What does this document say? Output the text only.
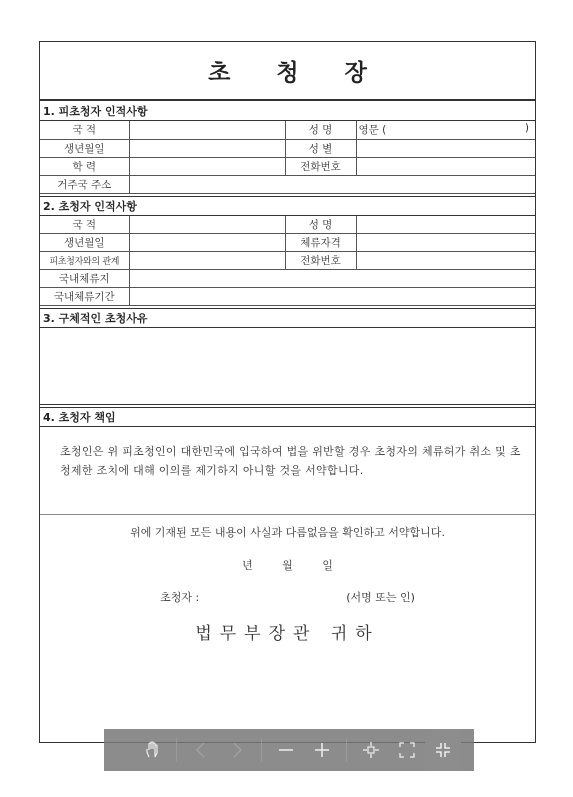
초 청 장
1. 피초청자 인적사항
국 적		성 명	영문 ( )

생년월일		성 별	
학 력		전화번호	
거주국 주소			
2. 초청자 인적사항
국 적		성 명	
생년월일		체류자격	
피초청자와의 관계		전화번호	
국내체류지			
국내체류기간			
3. 구체적인 초청사유
4. 초청자 책임
초청인은 위 피초청인이 대한민국에 입국하여 법을 위반할 경우 초청자의 체류허가 취소 및 초청제한 조치에 대해 이의를 제기하지 아니할 것을 서약합니다.
위에 기재된 모든 내용이 사실과 다름없음을 확인하고 서약합니다.
년 월 일
초청자 :	(서명 또는 인)
법무부장관 귀하
